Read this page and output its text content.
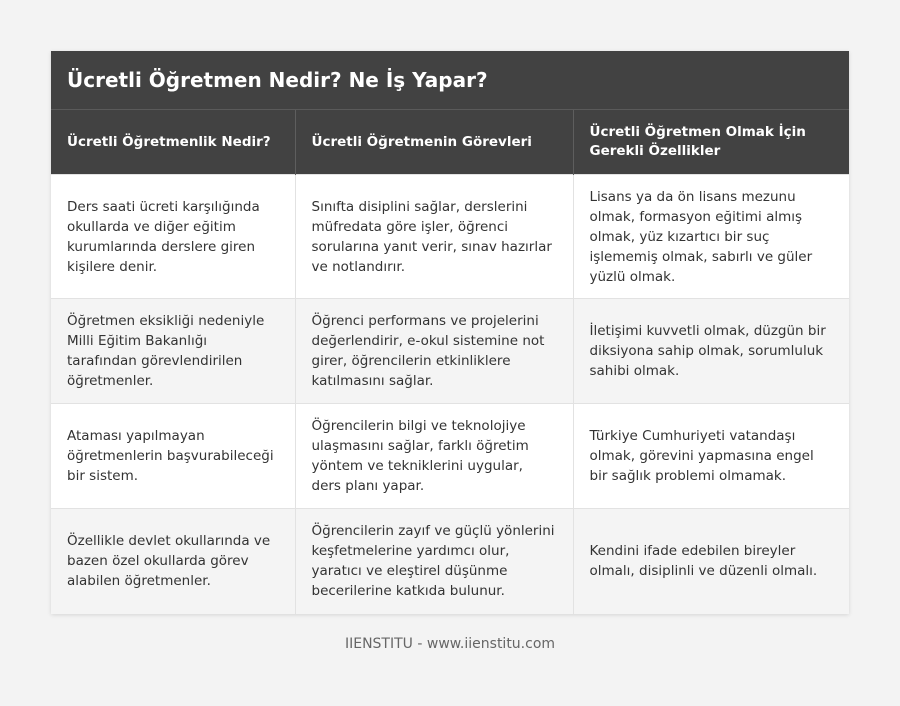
Ücretli Öğretmen Nedir? Ne İş Yapar?
Ücretli Öğretmenlik Nedir?	Ücretli Öğretmenin Görevleri	Ücretli Öğretmen Olmak İçin Gerekli Özellikler
Ders saati ücreti karşılığında okullarda ve diğer eğitim kurumlarında derslere giren kişilere denir.	Sınıfta disiplini sağlar, derslerini müfredata göre işler, öğrenci sorularına yanıt verir, sınav hazırlar ve notlandırır.	Lisans ya da ön lisans mezunu olmak, formasyon eğitimi almış olmak, yüz kızartıcı bir suç işlememiş olmak, sabırlı ve güler yüzlü olmak.
Öğretmen eksikliği nedeniyle Milli Eğitim Bakanlığı tarafından görevlendirilen öğretmenler.	Öğrenci performans ve projelerini değerlendirir, e-okul sistemine not girer, öğrencilerin etkinliklere katılmasını sağlar.	İletişimi kuvvetli olmak, düzgün bir diksiyona sahip olmak, sorumluluk sahibi olmak.
Ataması yapılmayan öğretmenlerin başvurabileceği bir sistem.	Öğrencilerin bilgi ve teknolojiye ulaşmasını sağlar, farklı öğretim yöntem ve tekniklerini uygular, ders planı yapar.	Türkiye Cumhuriyeti vatandaşı olmak, görevini yapmasına engel bir sağlık problemi olmamak.
Özellikle devlet okullarında ve bazen özel okullarda görev alabilen öğretmenler.	Öğrencilerin zayıf ve güçlü yönlerini keşfetmelerine yardımcı olur, yaratıcı ve eleştirel düşünme becerilerine katkıda bulunur.	Kendini ifade edebilen bireyler olmalı, disiplinli ve düzenli olmalı.
IIENSTITU - www.iienstitu.com
